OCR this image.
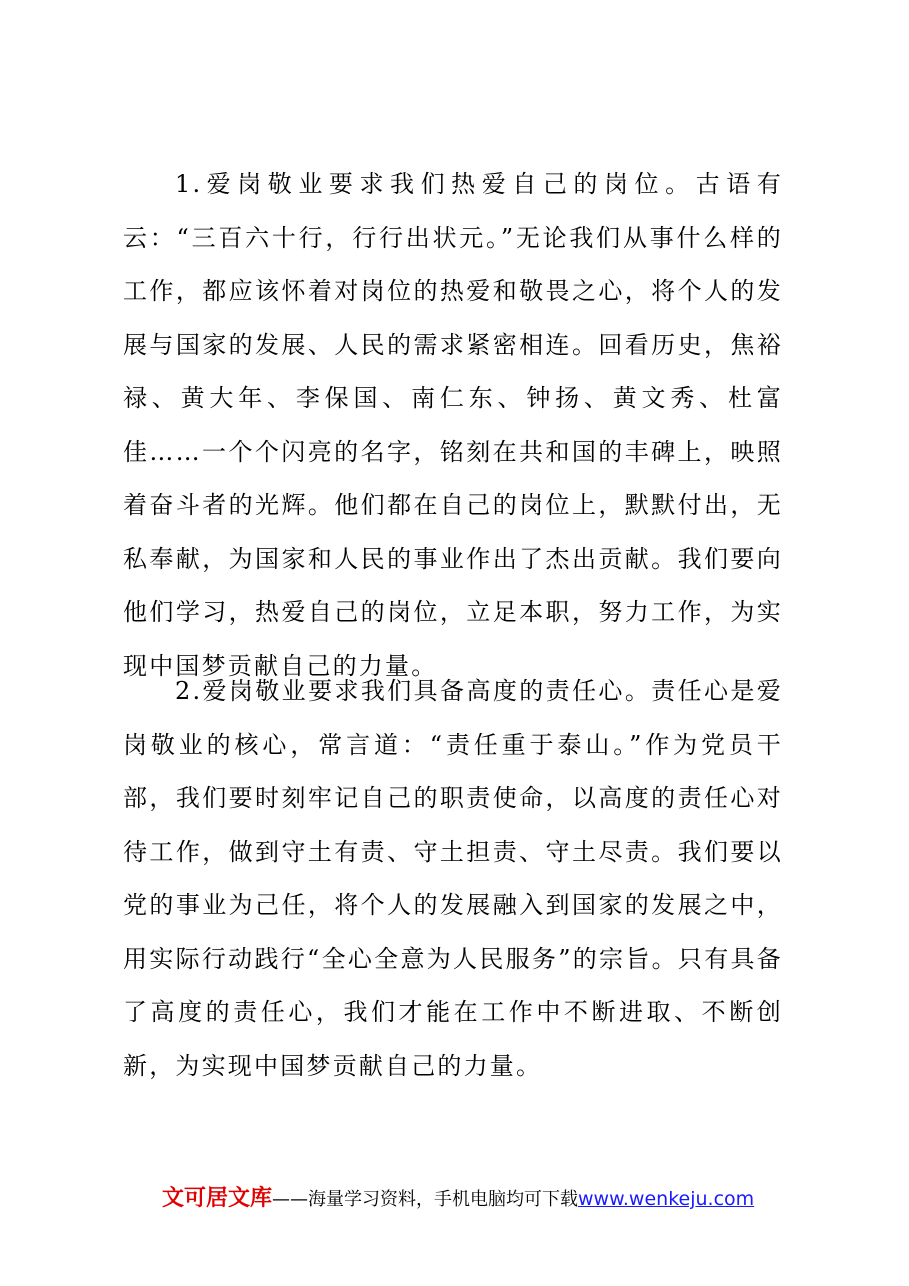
1.爱岗敬业要求我们热爱自己的岗位。古语有云：“三百六十行，行行出状元。”无论我们从事什么样的工作，都应该怀着对岗位的热爱和敬畏之心，将个人的发展与国家的发展、人民的需求紧密相连。回看历史，焦裕禄、黄大年、李保国、南仁东、钟扬、黄文秀、杜富佳……一个个闪亮的名字，铭刻在共和国的丰碑上，映照着奋斗者的光辉。他们都在自己的岗位上，默默付出，无私奉献，为国家和人民的事业作出了杰出贡献。我们要向他们学习，热爱自己的岗位，立足本职，努力工作，为实现中国梦贡献自己的力量。

2.爱岗敬业要求我们具备高度的责任心。责任心是爱岗敬业的核心，常言道：“责任重于泰山。”作为党员干部，我们要时刻牢记自己的职责使命，以高度的责任心对待工作，做到守土有责、守土担责、守土尽责。我们要以党的事业为己任，将个人的发展融入到国家的发展之中，用实际行动践行“全心全意为人民服务”的宗旨。只有具备了高度的责任心，我们才能在工作中不断进取、不断创新，为实现中国梦贡献自己的力量。

文可居文库——海量学习资料，手机电脑均可下载www.wenkeju.com
